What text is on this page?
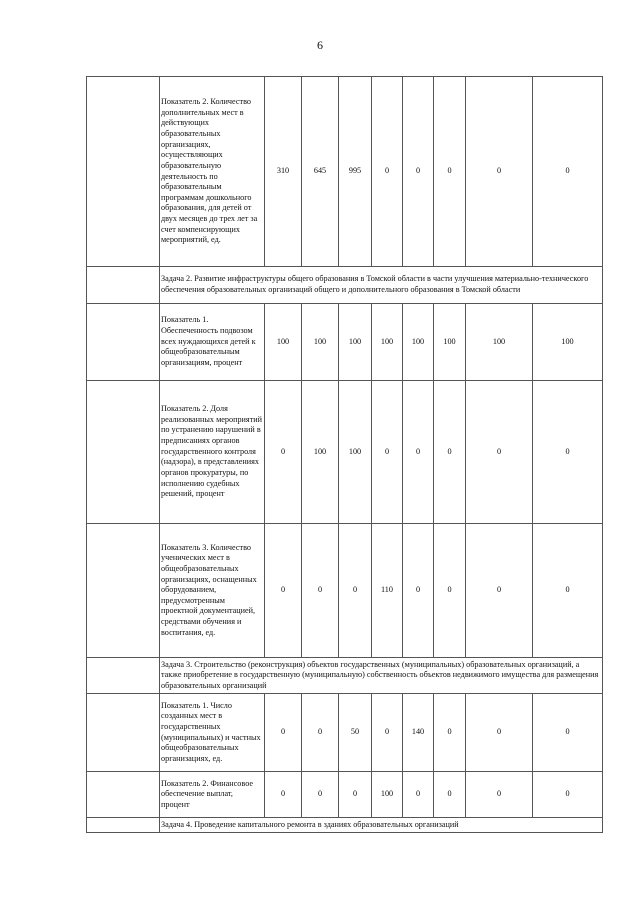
6
	Показатель 2. Количество дополнительных мест в действующих образовательных организациях, осуществляющих образовательную деятельность по образовательным программам дошкольного образования, для детей от двух месяцев до трех лет за счет компенсирующих мероприятий, ед.	310	645	995	0	0	0	0	0
	Задача 2. Развитие инфраструктуры общего образования в Томской области в части улучшения материально-технического обеспечения образовательных организаций общего и дополнительного образования в Томской области								
	Показатель 1. Обеспеченность подвозом всех нуждающихся детей к общеобразовательным организациям, процент	100	100	100	100	100	100	100	100
	Показатель 2. Доля реализованных мероприятий по устранению нарушений в предписаниях органов государственного контроля (надзора), в представлениях органов прокуратуры, по исполнению судебных решений, процент	0	100	100	0	0	0	0	0
	Показатель 3. Количество ученических мест в общеобразовательных организациях, оснащенных оборудованием, предусмотренным проектной документацией, средствами обучения и воспитания, ед.	0	0	0	110	0	0	0	0
	Задача 3. Строительство (реконструкция) объектов государственных (муниципальных) образовательных организаций, а также приобретение в государственную (муниципальную) собственность объектов недвижимого имущества для размещения образовательных организаций								
	Показатель 1. Число созданных мест в государственных (муниципальных) и частных общеобразовательных организациях, ед.	0	0	50	0	140	0	0	0
	Показатель 2. Финансовое обеспечение выплат, процент	0	0	0	100	0	0	0	0
	Задача 4. Проведение капитального ремонта в зданиях образовательных организаций								
